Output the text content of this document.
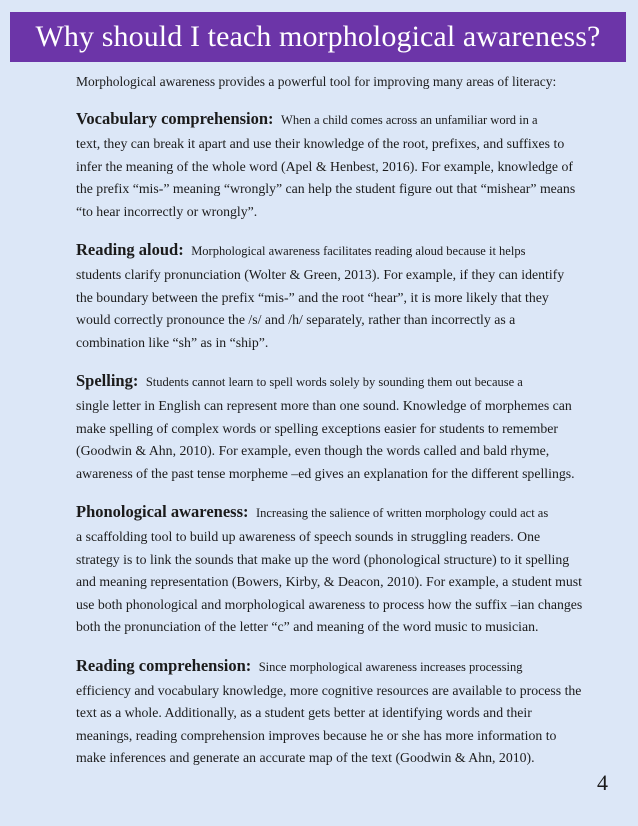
Why should I teach morphological awareness?

Morphological awareness provides a powerful tool for improving many areas of literacy:

Vocabulary comprehension: When a child comes across an unfamiliar word in a

text, they can break it apart and use their knowledge of the root, prefixes, and suffixes to

infer the meaning of the whole word (Apel & Henbest, 2016). For example, knowledge of

the prefix “mis-” meaning “wrongly” can help the student figure out that “mishear” means

“to hear incorrectly or wrongly”.

Reading aloud: Morphological awareness facilitates reading aloud because it helps

students clarify pronunciation (Wolter & Green, 2013). For example, if they can identify

the boundary between the prefix “mis-” and the root “hear”, it is more likely that they

would correctly pronounce the /s/ and /h/ separately, rather than incorrectly as a

combination like “sh” as in “ship”.

Spelling: Students cannot learn to spell words solely by sounding them out because a

single letter in English can represent more than one sound. Knowledge of morphemes can

make spelling of complex words or spelling exceptions easier for students to remember

(Goodwin & Ahn, 2010). For example, even though the words called and bald rhyme,

awareness of the past tense morpheme –ed gives an explanation for the different spellings.

Phonological awareness: Increasing the salience of written morphology could act as

a scaffolding tool to build up awareness of speech sounds in struggling readers. One

strategy is to link the sounds that make up the word (phonological structure) to it spelling

and meaning representation (Bowers, Kirby, & Deacon, 2010). For example, a student must

use both phonological and morphological awareness to process how the suffix –ian changes

both the pronunciation of the letter “c” and meaning of the word music to musician.

Reading comprehension: Since morphological awareness increases processing

efficiency and vocabulary knowledge, more cognitive resources are available to process the

text as a whole. Additionally, as a student gets better at identifying words and their

meanings, reading comprehension improves because he or she has more information to

make inferences and generate an accurate map of the text (Goodwin & Ahn, 2010).

4
